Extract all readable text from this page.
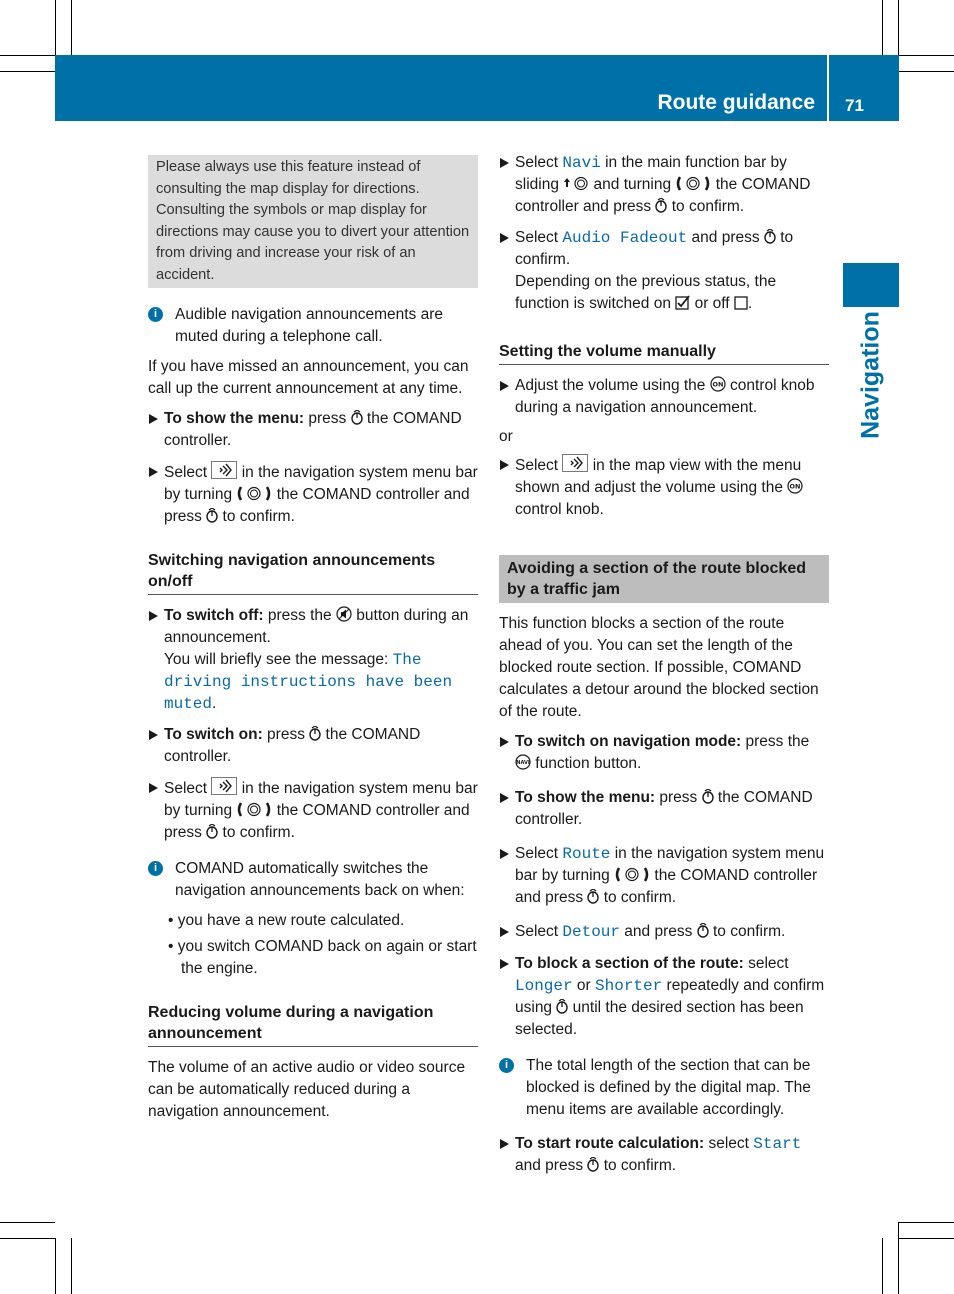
Route guidance 71
Navigation
Please always use this feature instead of consulting the map display for directions. Consulting the symbols or map display for directions may cause you to divert your attention from driving and increase your risk of an accident.
i	Audible navigation announcements are muted during a telephone call.

If you have missed an announcement, you can call up the current announcement at any time.

To show the menu: press  the COMAND controller.
Select  in the navigation system menu bar by turning  the COMAND controller and press  to confirm.
Switching navigation announcements on/off
To switch off: press the  button during an announcement.
You will briefly see the message: The driving instructions have been muted.
To switch on: press  the COMAND controller.
Select  in the navigation system menu bar by turning  the COMAND controller and press  to confirm.
i	COMAND automatically switches the navigation announcements back on when:
• you have a new route calculated.
• you switch COMAND back on again or start the engine.
Reducing volume during a navigation announcement

The volume of an active audio or video source can be automatically reduced during a navigation announcement.

Select Navi in the main function bar by sliding  and turning  the COMAND controller and press  to confirm.
Select Audio Fadeout and press  to confirm.
Depending on the previous status, the function is switched on  or off .
Setting the volume manually
Adjust the volume using the ON control knob during a navigation announcement.

or

Select  in the map view with the menu shown and adjust the volume using the ON
control knob.
Avoiding a section of the route blocked by a traffic jam

This function blocks a section of the route ahead of you. You can set the length of the blocked route section. If possible, COMAND calculates a detour around the blocked section of the route.

To switch on navigation mode: press the
NAVI function button.
To show the menu: press  the COMAND controller.
Select Route in the navigation system menu bar by turning  the COMAND controller and press  to confirm.
Select Detour and press  to confirm.
To block a section of the route: select Longer or Shorter repeatedly and confirm using  until the desired section has been selected.
i	The total length of the section that can be blocked is defined by the digital map. The menu items are available accordingly.
To start route calculation: select Start and press  to confirm.
